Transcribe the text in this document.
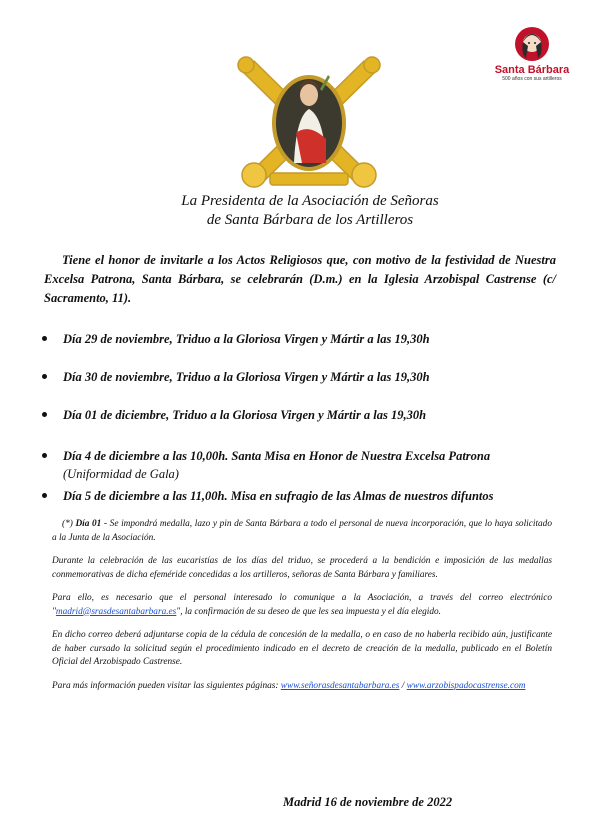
Santa Bárbara
500 años con sus artilleros
La Presidenta de la Asociación de Señoras
de Santa Bárbara de los Artilleros
Tiene el honor de invitarle a los Actos Religiosos que, con motivo de la festividad de Nuestra Excelsa Patrona, Santa Bárbara, se celebrarán (D.m.) en la Iglesia Arzobispal Castrense (c/ Sacramento, 11).
Día 29 de noviembre, Triduo a la Gloriosa Virgen y Mártir a las 19,30h
Día 30 de noviembre, Triduo a la Gloriosa Virgen y Mártir a las 19,30h
Día 01 de diciembre, Triduo a la Gloriosa Virgen y Mártir a las 19,30h
Día 4 de diciembre a las 10,00h. Santa Misa en Honor de Nuestra Excelsa Patrona
(Uniformidad de Gala)
Día 5 de diciembre a las 11,00h. Misa en sufragio de las Almas de nuestros difuntos

(*) Día 01 - Se impondrá medalla, lazo y pin de Santa Bárbara a todo el personal de nueva incorporación, que lo haya solicitado a la Junta de la Asociación.

Durante la celebración de las eucaristías de los días del triduo, se procederá a la bendición e imposición de las medallas conmemorativas de dicha efeméride concedidas a los artilleros, señoras de Santa Bárbara y familiares.

Para ello, es necesario que el personal interesado lo comunique a la Asociación, a través del correo electrónico "madrid@srasdesantabarbara.es", la confirmación de su deseo de que les sea impuesta y el día elegido.

En dicho correo deberá adjuntarse copia de la cédula de concesión de la medalla, o en caso de no haberla recibido aún, justificante de haber cursado la solicitud según el procedimiento indicado en el decreto de creación de la medalla, publicado en el Boletín Oficial del Arzobispado Castrense.

Para más información pueden visitar las siguientes páginas: www.señorasdesantabarbara.es / www.arzobispadocastrense.com

Madrid 16 de noviembre de 2022
